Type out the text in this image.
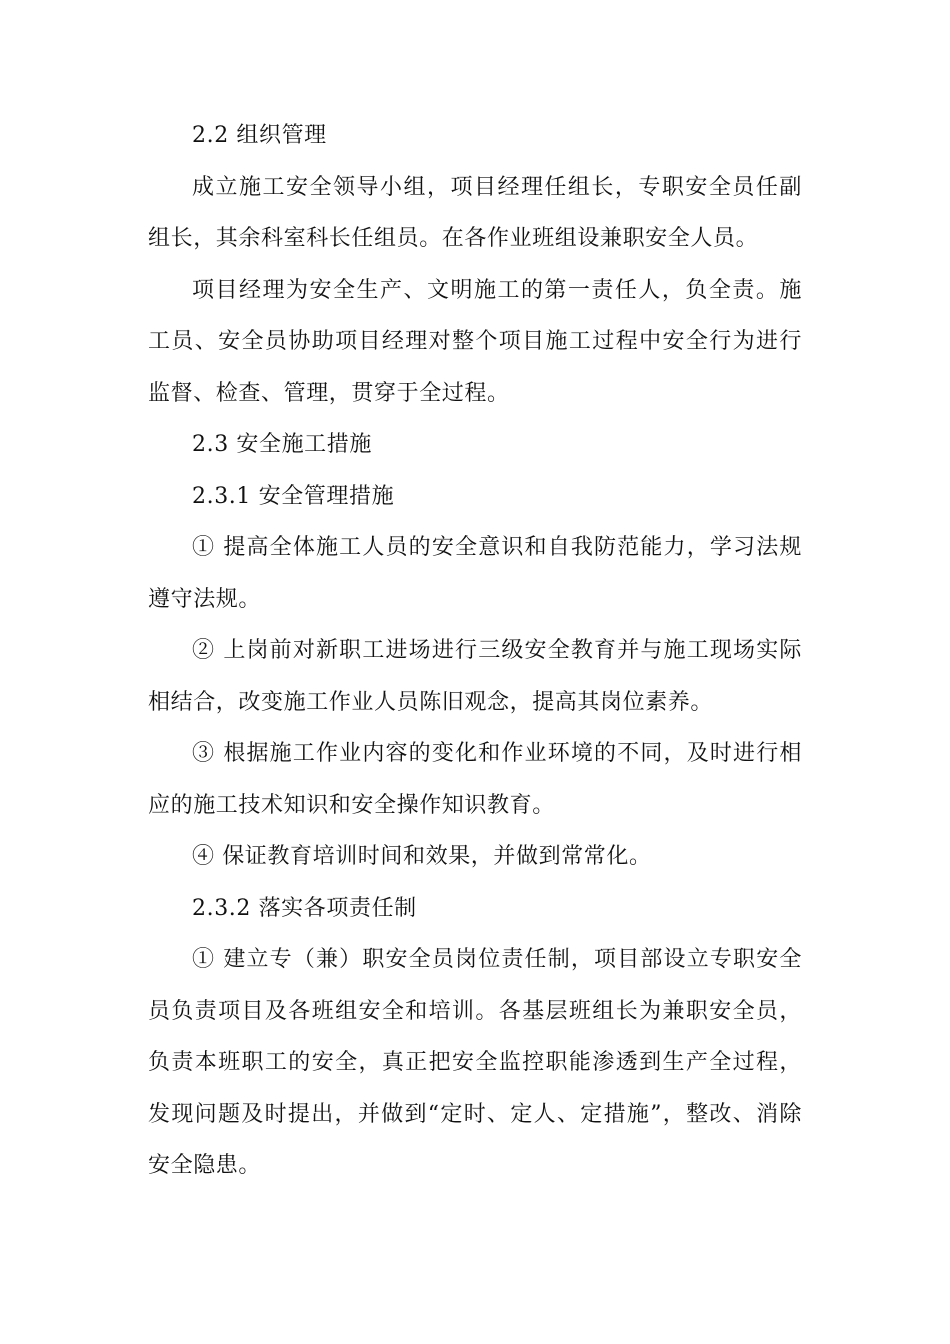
2.2 组织管理

成立施工安全领导小组，项目经理任组长，专职安全员任副组长，其余科室科长任组员。在各作业班组设兼职安全人员。

项目经理为安全生产、文明施工的第一责任人，负全责。施工员、安全员协助项目经理对整个项目施工过程中安全行为进行监督、检查、管理，贯穿于全过程。

2.3 安全施工措施

2.3.1 安全管理措施

① 提高全体施工人员的安全意识和自我防范能力，学习法规遵守法规。

② 上岗前对新职工进场进行三级安全教育并与施工现场实际相结合，改变施工作业人员陈旧观念，提高其岗位素养。

③ 根据施工作业内容的变化和作业环境的不同，及时进行相应的施工技术知识和安全操作知识教育。

④ 保证教育培训时间和效果，并做到常常化。

2.3.2 落实各项责任制

① 建立专（兼）职安全员岗位责任制，项目部设立专职安全员负责项目及各班组安全和培训。各基层班组长为兼职安全员，负责本班职工的安全，真正把安全监控职能渗透到生产全过程，发现问题及时提出，并做到“定时、定人、定措施”，整改、消除安全隐患。
